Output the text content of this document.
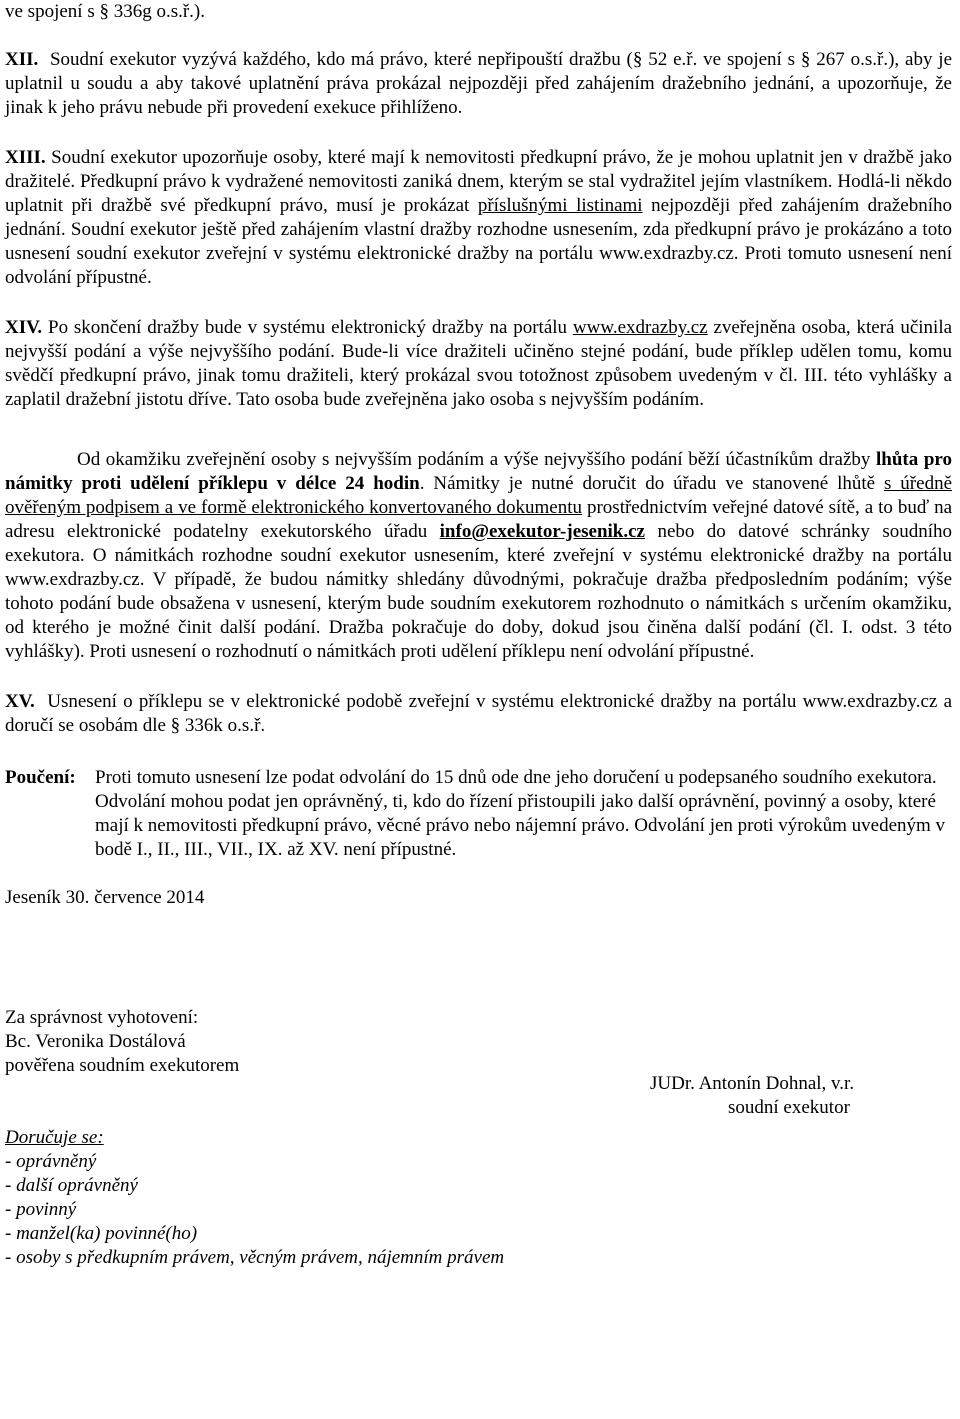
ve spojení s § 336g o.s.ř.).

XII. Soudní exekutor vyzývá každého, kdo má právo, které nepřipouští dražbu (§ 52 e.ř. ve spojení s § 267 o.s.ř.), aby je uplatnil u soudu a aby takové uplatnění práva prokázal nejpozději před zahájením dražebního jednání, a upozorňuje, že jinak k jeho právu nebude při provedení exekuce přihlíženo.

XIII. Soudní exekutor upozorňuje osoby, které mají k nemovitosti předkupní právo, že je mohou uplatnit jen v dražbě jako dražitelé. Předkupní právo k vydražené nemovitosti zaniká dnem, kterým se stal vydražitel jejím vlastníkem. Hodlá-li někdo uplatnit při dražbě své předkupní právo, musí je prokázat příslušnými listinami nejpozději před zahájením dražebního jednání. Soudní exekutor ještě před zahájením vlastní dražby rozhodne usnesením, zda předkupní právo je prokázáno a toto usnesení soudní exekutor zveřejní v systému elektronické dražby na portálu www.exdrazby.cz. Proti tomuto usnesení není odvolání přípustné.

XIV. Po skončení dražby bude v systému elektronický dražby na portálu www.exdrazby.cz zveřejněna osoba, která učinila nejvyšší podání a výše nejvyššího podání. Bude-li více dražiteli učiněno stejné podání, bude příklep udělen tomu, komu svědčí předkupní právo, jinak tomu dražiteli, který prokázal svou totožnost způsobem uvedeným v čl. III. této vyhlášky a zaplatil dražební jistotu dříve. Tato osoba bude zveřejněna jako osoba s nejvyšším podáním.

Od okamžiku zveřejnění osoby s nejvyšším podáním a výše nejvyššího podání běží účastníkům dražby lhůta pro námitky proti udělení příklepu v délce 24 hodin. Námitky je nutné doručit do úřadu ve stanovené lhůtě s úředně ověřeným podpisem a ve formě elektronického konvertovaného dokumentu prostřednictvím veřejné datové sítě, a to buď na adresu elektronické podatelny exekutorského úřadu info@exekutor-jesenik.cz nebo do datové schránky soudního exekutora. O námitkách rozhodne soudní exekutor usnesením, které zveřejní v systému elektronické dražby na portálu www.exdrazby.cz. V případě, že budou námitky shledány důvodnými, pokračuje dražba předposledním podáním; výše tohoto podání bude obsažena v usnesení, kterým bude soudním exekutorem rozhodnuto o námitkách s určením okamžiku, od kterého je možné činit další podání. Dražba pokračuje do doby, dokud jsou činěna další podání (čl. I. odst. 3 této vyhlášky). Proti usnesení o rozhodnutí o námitkách proti udělení příklepu není odvolání přípustné.

XV. Usnesení o příklepu se v elektronické podobě zveřejní v systému elektronické dražby na portálu www.exdrazby.cz a doručí se osobám dle § 336k o.s.ř.

Poučení:	Proti tomuto usnesení lze podat odvolání do 15 dnů ode dne jeho doručení u podepsaného soudního exekutora.

Odvolání mohou podat jen oprávněný, ti, kdo do řízení přistoupili jako další oprávnění, povinný a osoby, které mají k nemovitosti předkupní právo, věcné právo nebo nájemní právo. Odvolání jen proti výrokům uvedeným v bodě I., II., III., VII., IX. až XV. není přípustné.

Jeseník 30. července 2014

Za správnost vyhotovení:

Bc. Veronika Dostálová

pověřena soudním exekutorem

Doručuje se:

- oprávněný

- další oprávněný

- povinný

- manžel(ka) povinné(ho)

- osoby s předkupním právem, věcným právem, nájemním právem

JUDr. Antonín Dohnal, v.r.
soudní exekutor
